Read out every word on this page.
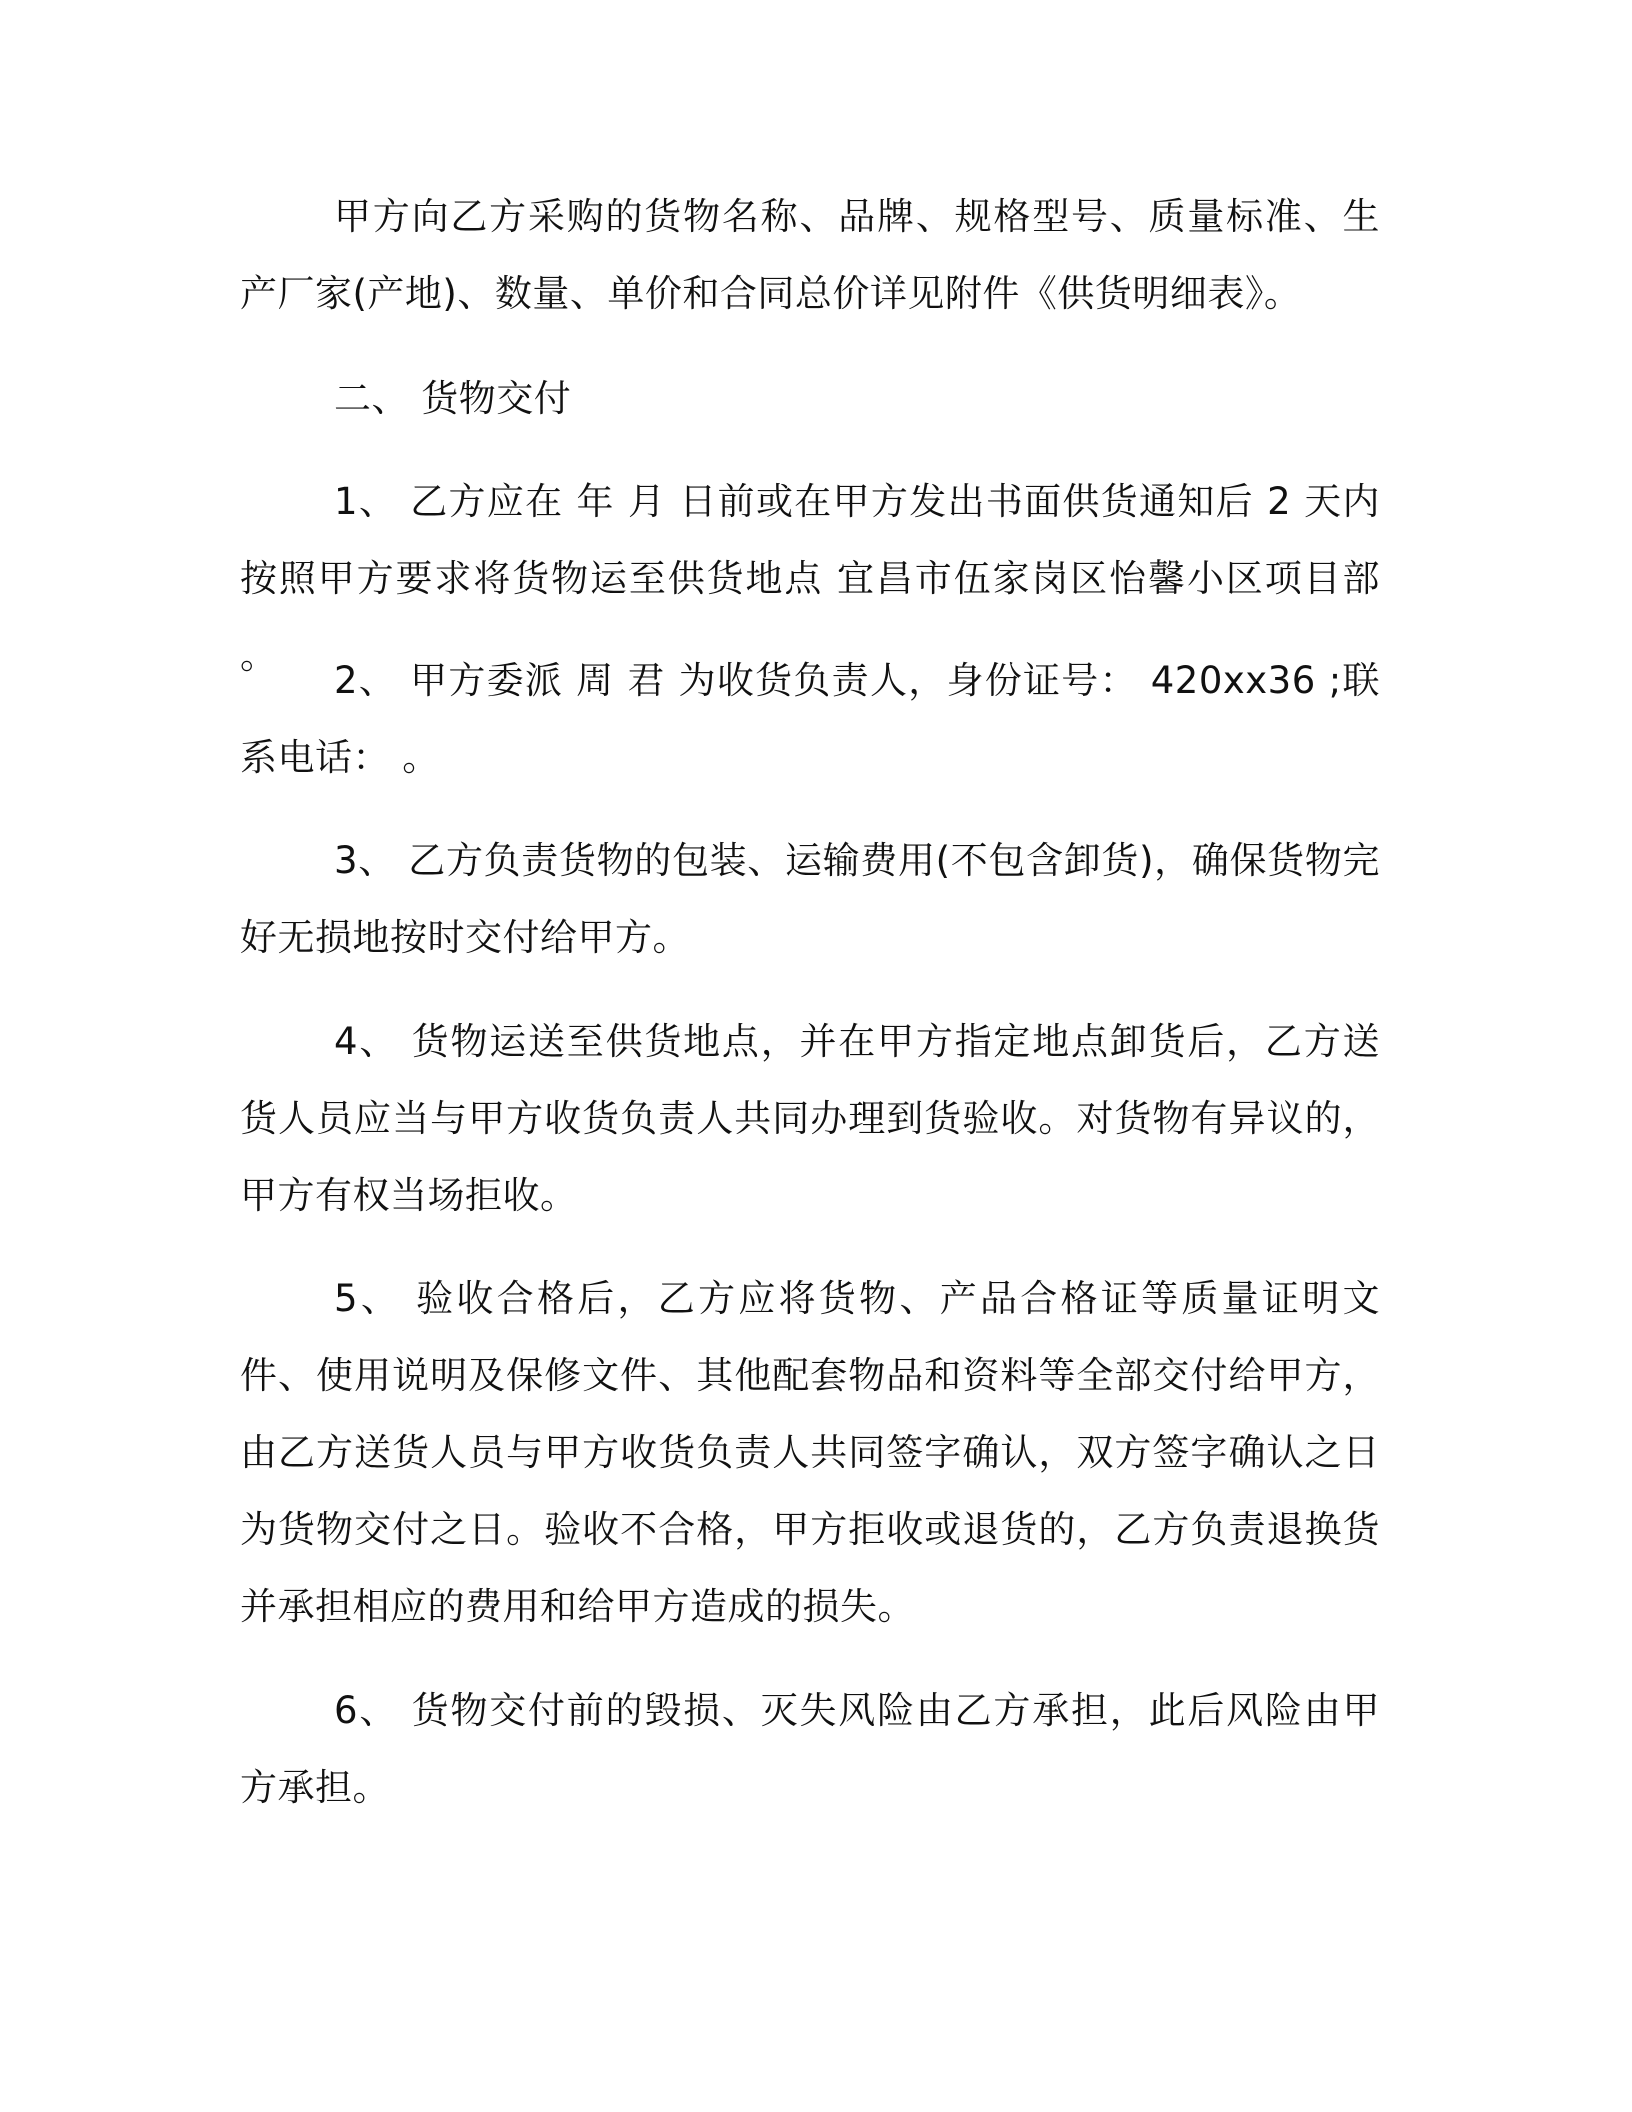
甲方向乙方采购的货物名称、品牌、规格型号、质量标准、生产厂家(产地)、数量、单价和合同总价详见附件《供货明细表》。

二、 货物交付

1、 乙方应在 年 月 日前或在甲方发出书面供货通知后 2 天内按照甲方要求将货物运至供货地点 宜昌市伍家岗区怡馨小区项目部 。

2、 甲方委派 周 君 为收货负责人，身份证号： 420xx36 ;联系电话： 。

3、 乙方负责货物的包装、运输费用(不包含卸货)，确保货物完好无损地按时交付给甲方。

4、 货物运送至供货地点，并在甲方指定地点卸货后，乙方送货人员应当与甲方收货负责人共同办理到货验收。对货物有异议的，甲方有权当场拒收。

5、 验收合格后，乙方应将货物、产品合格证等质量证明文件、使用说明及保修文件、其他配套物品和资料等全部交付给甲方，由乙方送货人员与甲方收货负责人共同签字确认，双方签字确认之日为货物交付之日。验收不合格，甲方拒收或退货的，乙方负责退换货并承担相应的费用和给甲方造成的损失。

6、 货物交付前的毁损、灭失风险由乙方承担，此后风险由甲方承担。
